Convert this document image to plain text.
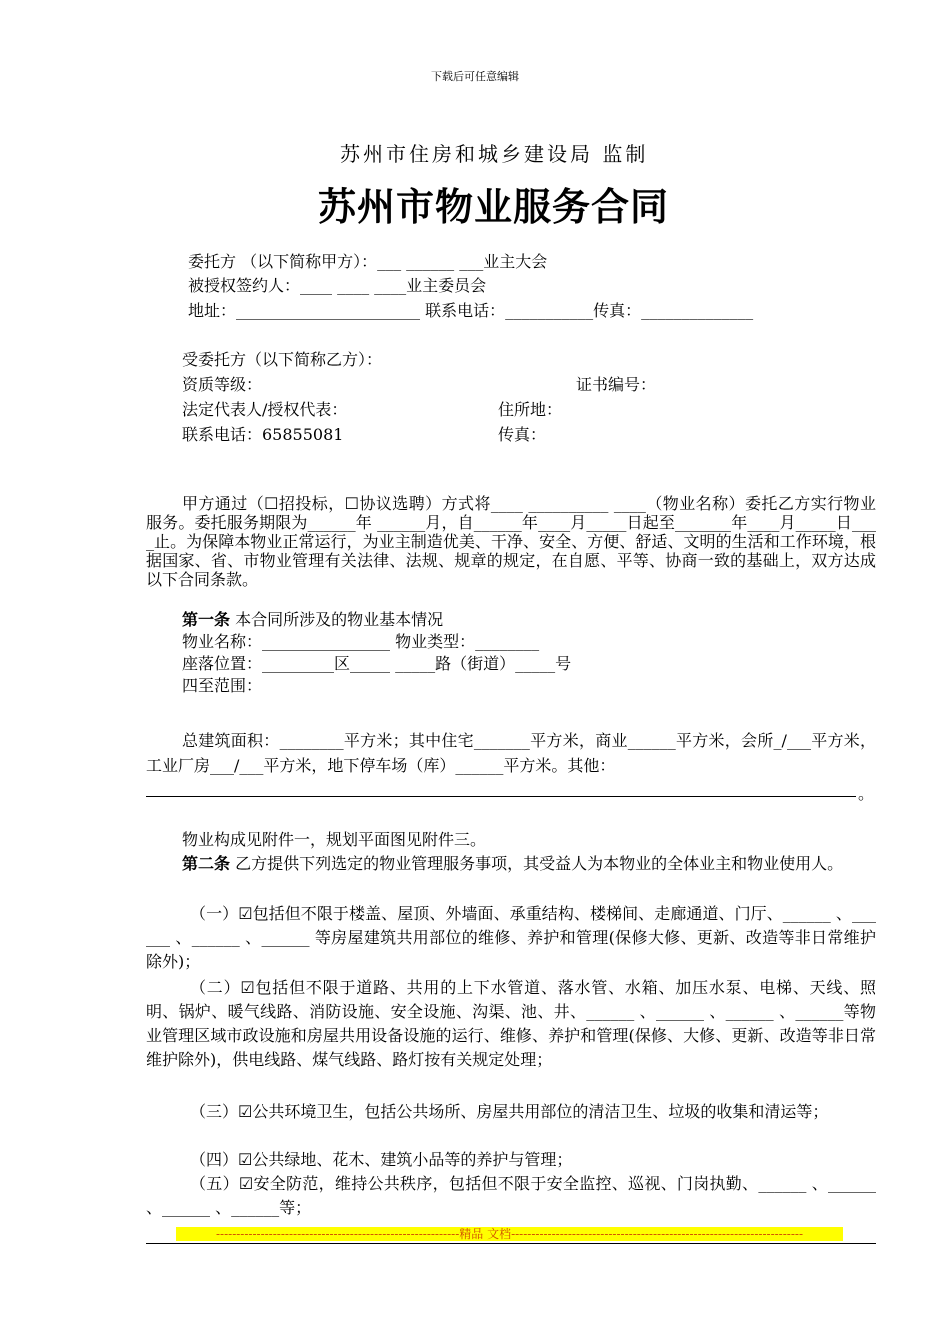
下载后可任意编辑
苏州市住房和城乡建设局 监制
苏州市物业服务合同
委托方 （以下简称甲方）：___ ______ ___业主大会
被授权签约人：____ ____ ____业主委员会
地址：_______________________ 联系电话：___________传真：______________
受委托方（以下简称乙方）：
资质等级：	证书编号：
法定代表人/授权代表：	住所地：
联系电话：65855081	传真：
甲方通过（☐招投标，☐协议选聘）方式将____ __________ ____（物业名称）委托乙方实行物业服务。委托服务期限为______年 ______月，自______年____月_____日起至_______年____月_____日____止。为保障本物业正常运行，为业主制造优美、干净、安全、方便、舒适、文明的生活和工作环境，根据国家、省、市物业管理有关法律、法规、规章的规定，在自愿、平等、协商一致的基础上，双方达成以下合同条款。
第一条 本合同所涉及的物业基本情况
物业名称：________________ 物业类型：________
座落位置：_________区_____ _____路（街道）_____号
四至范围：
总建筑面积：________平方米；其中住宅_______平方米，商业______平方米，会所_/___平方米，工业厂房___/___平方米，地下停车场（库）______平方米。其他：
。
物业构成见附件一，规划平面图见附件三。
第二条 乙方提供下列选定的物业管理服务事项，其受益人为本物业的全体业主和物业使用人。
（一）☑包括但不限于楼盖、屋顶、外墙面、承重结构、楼梯间、走廊通道、门厅、______ 、______ 、______ 、______ 等房屋建筑共用部位的维修、养护和管理(保修大修、更新、改造等非日常维护除外)；
（二）☑包括但不限于道路、共用的上下水管道、落水管、水箱、加压水泵、电梯、天线、照明、锅炉、暖气线路、消防设施、安全设施、沟渠、池、井、______ 、______ 、______ 、______等物业管理区域市政设施和房屋共用设备设施的运行、维修、养护和管理(保修、大修、更新、改造等非日常维护除外)，供电线路、煤气线路、路灯按有关规定处理；
（三）☑公共环境卫生，包括公共场所、房屋共用部位的清洁卫生、垃圾的收集和清运等；
（四）☑公共绿地、花木、建筑小品等的养护与管理；
（五）☑安全防范，维持公共秩序，包括但不限于安全监控、巡视、门岗执勤、______ 、______ 、______ 、______等；
------------------------------------------------------------精品 文档------------------------------------------------------------------------
